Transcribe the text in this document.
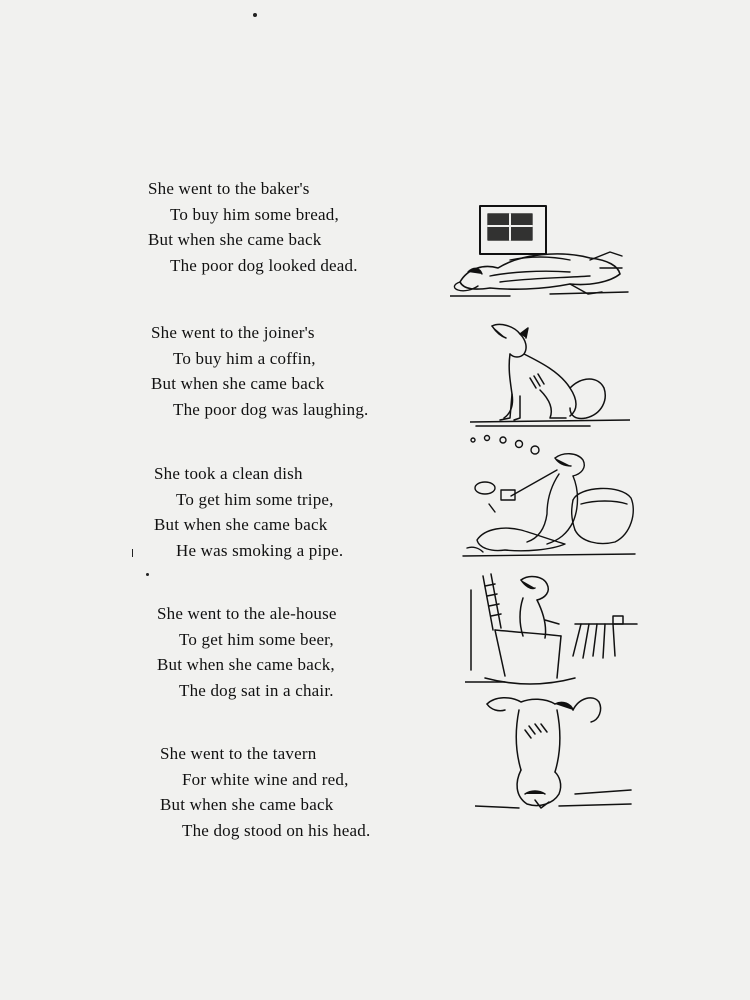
She went to the baker's
To buy him some bread,
But when she came back
The poor dog looked dead.
She went to the joiner's
To buy him a coffin,
But when she came back
The poor dog was laughing.
She took a clean dish
To get him some tripe,
But when she came back
He was smoking a pipe.
She went to the ale-house
To get him some beer,
But when she came back,
The dog sat in a chair.
She went to the tavern
For white wine and red,
But when she came back
The dog stood on his head.
